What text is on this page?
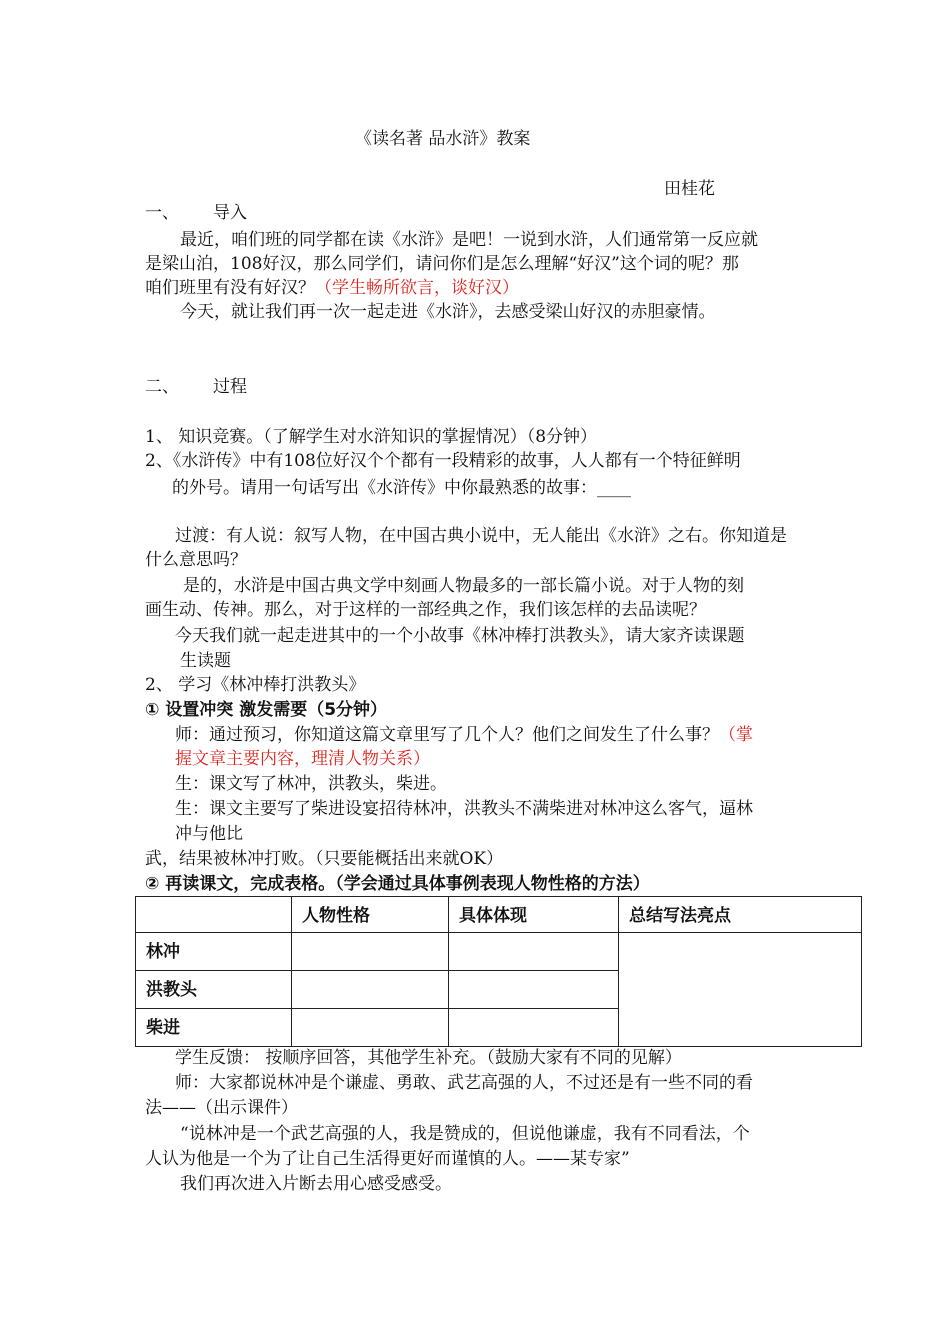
《读名著 品水浒》教案
田桂花
一、 导入
最近，咱们班的同学都在读《水浒》是吧！一说到水浒，人们通常第一反应就
是梁山泊，108好汉，那么同学们，请问你们是怎么理解“好汉”这个词的呢？那
咱们班里有没有好汉？（学生畅所欲言，谈好汉）
今天，就让我们再一次一起走进《水浒》，去感受梁山好汉的赤胆豪情。
二、 过程
1、 知识竞赛。（了解学生对水浒知识的掌握情况）（8分钟）
2、《水浒传》中有108位好汉个个都有一段精彩的故事，人人都有一个特征鲜明
的外号。请用一句话写出《水浒传》中你最熟悉的故事：____
过渡：有人说：叙写人物，在中国古典小说中，无人能出《水浒》之右。你知道是
什么意思吗？
是的，水浒是中国古典文学中刻画人物最多的一部长篇小说。对于人物的刻
画生动、传神。那么，对于这样的一部经典之作，我们该怎样的去品读呢？
今天我们就一起走进其中的一个小故事《林冲棒打洪教头》，请大家齐读课题
生读题
2、 学习《林冲棒打洪教头》
① 设置冲突 激发需要（5分钟）
师：通过预习，你知道这篇文章里写了几个人？他们之间发生了什么事？（掌
握文章主要内容，理清人物关系）
生：课文写了林冲，洪教头，柴进。
生：课文主要写了柴进设宴招待林冲，洪教头不满柴进对林冲这么客气，逼林
冲与他比
武，结果被林冲打败。（只要能概括出来就OK）
② 再读课文，完成表格。（学会通过具体事例表现人物性格的方法）
	人物性格	具体体现	总结写法亮点
林冲			
洪教头			
柴进			
学生反馈： 按顺序回答，其他学生补充。（鼓励大家有不同的见解）
师：大家都说林冲是个谦虚、勇敢、武艺高强的人，不过还是有一些不同的看
法——（出示课件）
“说林冲是一个武艺高强的人，我是赞成的，但说他谦虚，我有不同看法，个
人认为他是一个为了让自己生活得更好而谨慎的人。——某专家”
我们再次进入片断去用心感受感受。
